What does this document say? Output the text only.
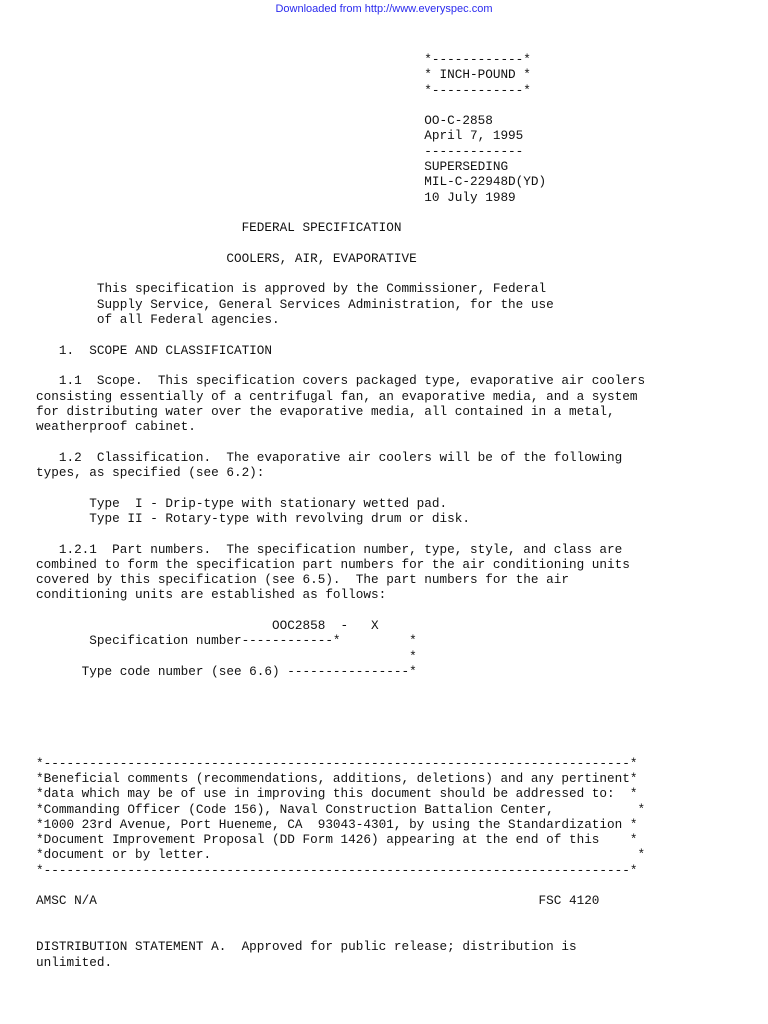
Downloaded from http://www.everyspec.com
*------------*
* INCH-POUND *
*------------*
OO-C-2858
April 7, 1995
-------------
SUPERSEDING
MIL-C-22948D(YD)
10 July 1989
FEDERAL SPECIFICATION
COOLERS, AIR, EVAPORATIVE
This specification is approved by the Commissioner, Federal
Supply Service, General Services Administration, for the use
of all Federal agencies.
1.  SCOPE AND CLASSIFICATION
1.1  Scope.  This specification covers packaged type, evaporative air coolers
consisting essentially of a centrifugal fan, an evaporative media, and a system
for distributing water over the evaporative media, all contained in a metal,
weatherproof cabinet.
1.2  Classification.  The evaporative air coolers will be of the following
types, as specified (see 6.2):
Type  I - Drip-type with stationary wetted pad.
Type II - Rotary-type with revolving drum or disk.
1.2.1  Part numbers.  The specification number, type, style, and class are
combined to form the specification part numbers for the air conditioning units
covered by this specification (see 6.5).  The part numbers for the air
conditioning units are established as follows:
OOC2858  -   X
Specification number------------*         *
*
Type code number (see 6.6) ----------------*
*-----------------------------------------------------------------------------*
*Beneficial comments (recommendations, additions, deletions) and any pertinent*
*data which may be of use in improving this document should be addressed to:  *
*Commanding Officer (Code 156), Naval Construction Battalion Center,           *
*1000 23rd Avenue, Port Hueneme, CA  93043-4301, by using the Standardization *
*Document Improvement Proposal (DD Form 1426) appearing at the end of this    *
*document or by letter.                                                        *
*-----------------------------------------------------------------------------*
AMSC N/A                                                          FSC 4120
DISTRIBUTION STATEMENT A.  Approved for public release; distribution is
unlimited.
